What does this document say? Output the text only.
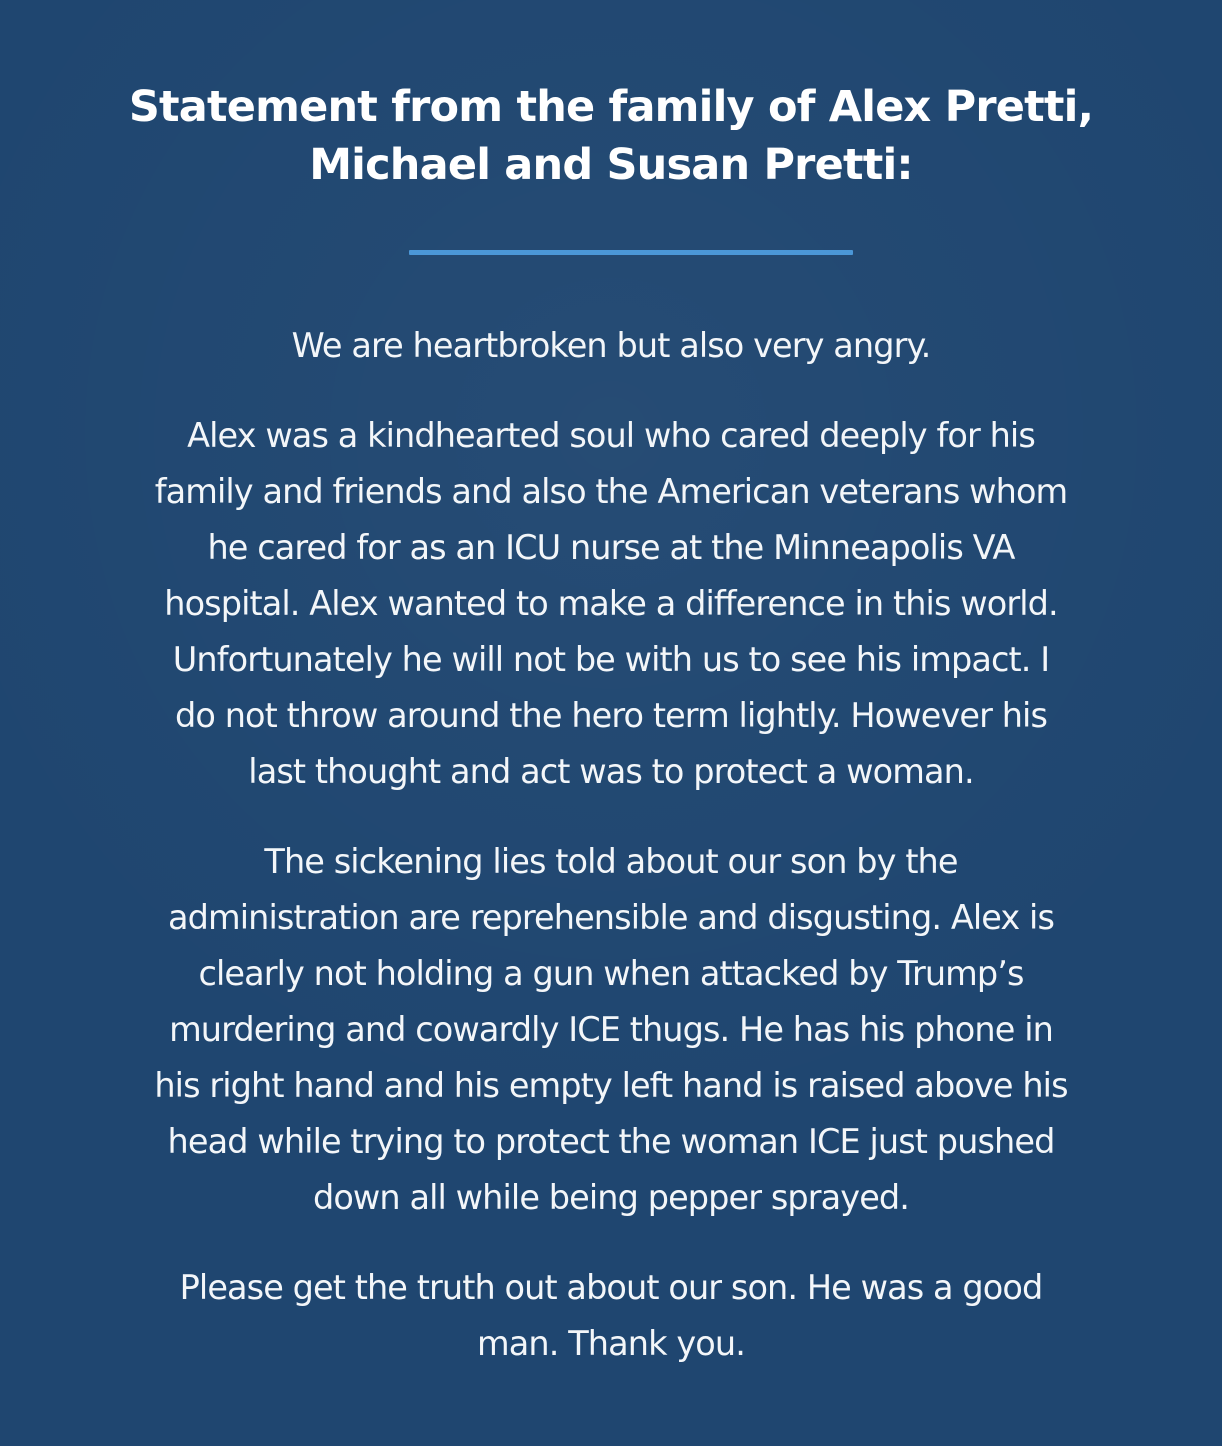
Statement from the family of Alex Pretti,
Michael and Susan Pretti:

We are heartbroken but also very angry.

Alex was a kindhearted soul who cared deeply for his
family and friends and also the American veterans whom
he cared for as an ICU nurse at the Minneapolis VA
hospital. Alex wanted to make a difference in this world.
Unfortunately he will not be with us to see his impact. I
do not throw around the hero term lightly. However his
last thought and act was to protect a woman.

The sickening lies told about our son by the
administration are reprehensible and disgusting. Alex is
clearly not holding a gun when attacked by Trump’s
murdering and cowardly ICE thugs. He has his phone in
his right hand and his empty left hand is raised above his
head while trying to protect the woman ICE just pushed
down all while being pepper sprayed.

Please get the truth out about our son. He was a good
man. Thank you.
